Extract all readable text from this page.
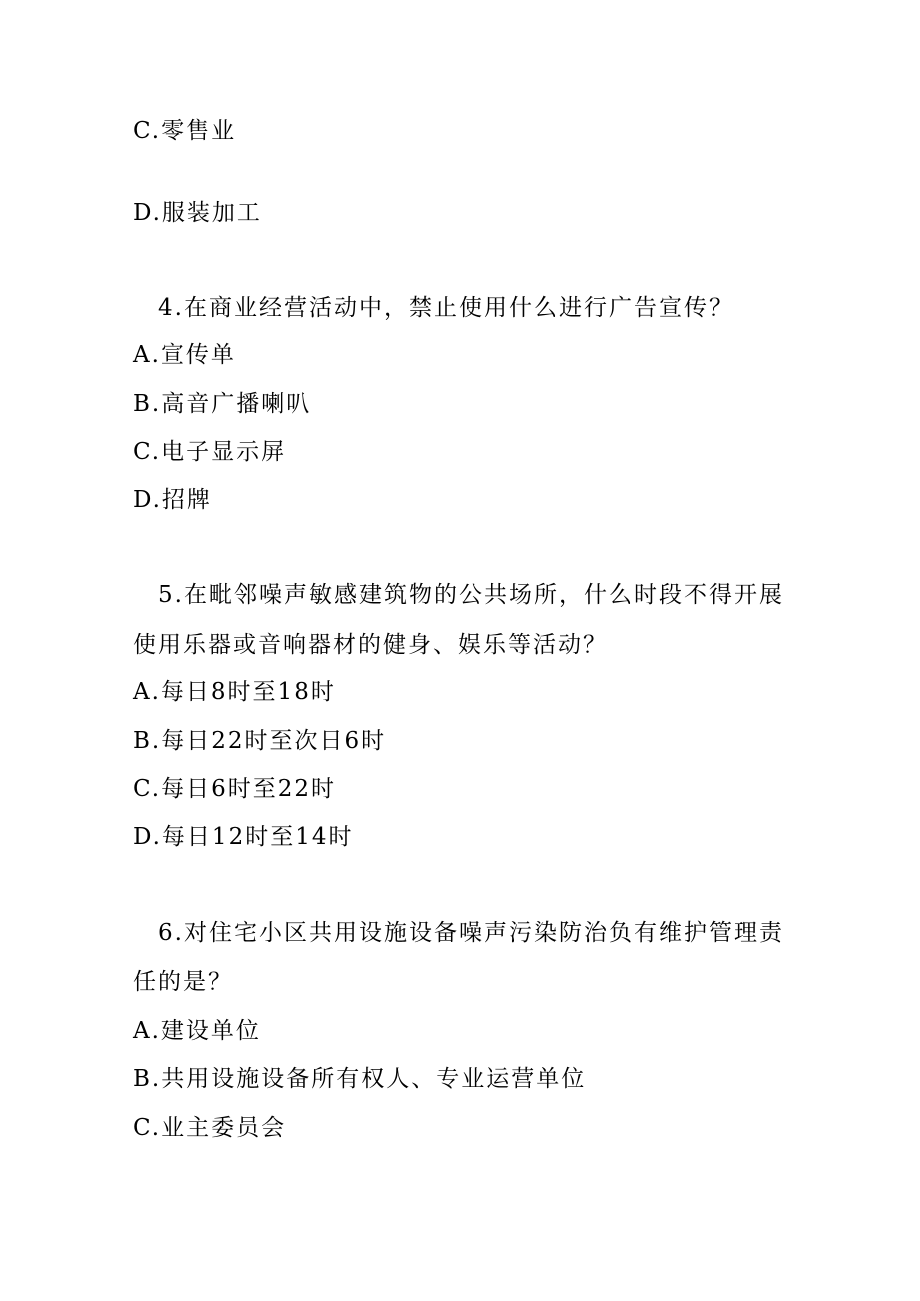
C.零售业
D.服装加工
4.在商业经营活动中，禁止使用什么进行广告宣传？
A.宣传单
B.高音广播喇叭
C.电子显示屏
D.招牌
5.在毗邻噪声敏感建筑物的公共场所，什么时段不得开展
使用乐器或音响器材的健身、娱乐等活动？
A.每日8时至18时
B.每日22时至次日6时
C.每日6时至22时
D.每日12时至14时
6.对住宅小区共用设施设备噪声污染防治负有维护管理责
任的是？
A.建设单位
B.共用设施设备所有权人、专业运营单位
C.业主委员会
